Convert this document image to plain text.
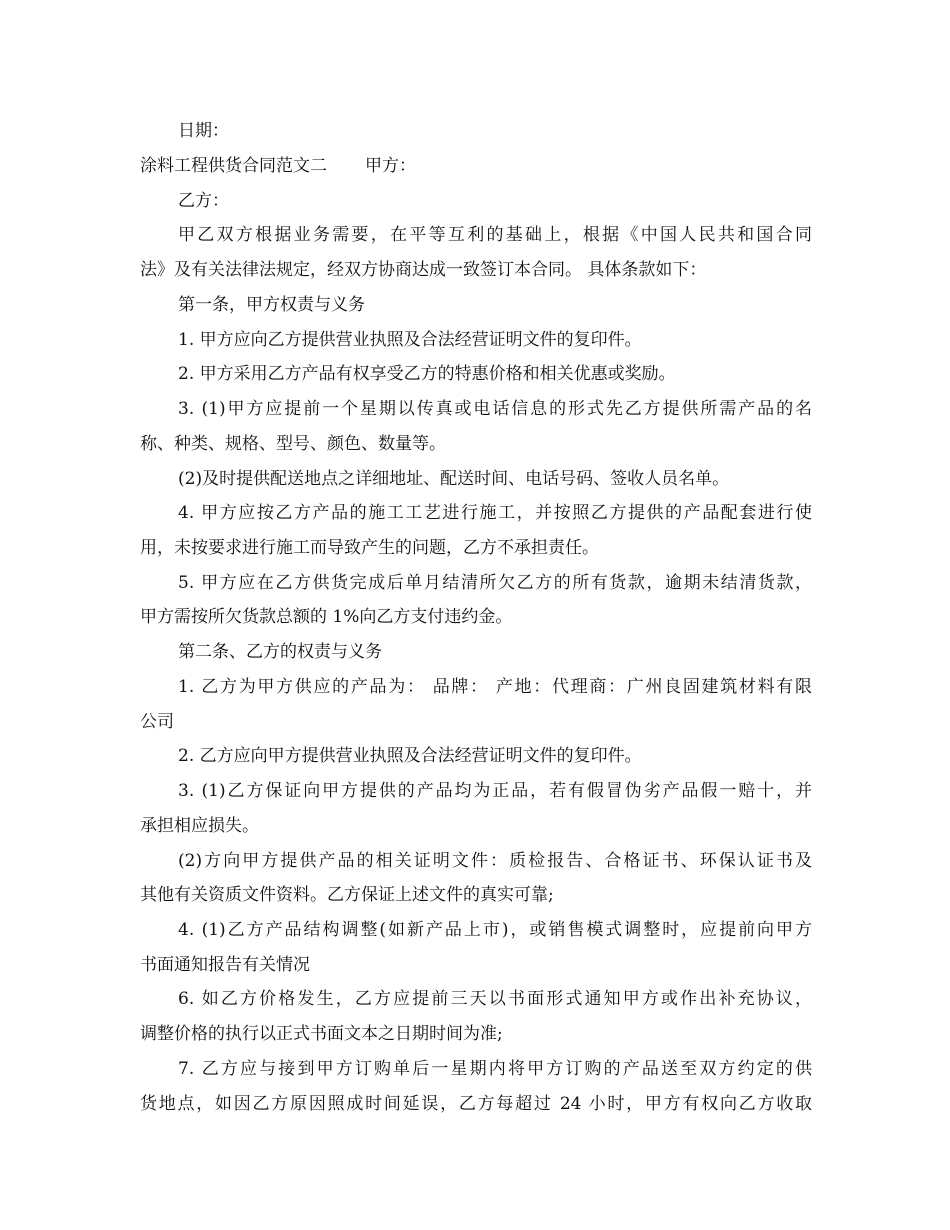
日期：
涂料工程供货合同范文二 甲方：
乙方：
甲乙双方根据业务需要，在平等互利的基础上，根据《中国人民共和国合同
法》及有关法律法规定，经双方协商达成一致签订本合同。 具体条款如下：
第一条，甲方权责与义务
1. 甲方应向乙方提供营业执照及合法经营证明文件的复印件。
2. 甲方采用乙方产品有权享受乙方的特惠价格和相关优惠或奖励。
3. (1)甲方应提前一个星期以传真或电话信息的形式先乙方提供所需产品的名
称、种类、规格、型号、颜色、数量等。
(2)及时提供配送地点之详细地址、配送时间、电话号码、签收人员名单。
4. 甲方应按乙方产品的施工工艺进行施工，并按照乙方提供的产品配套进行使
用，未按要求进行施工而导致产生的问题，乙方不承担责任。
5. 甲方应在乙方供货完成后单月结清所欠乙方的所有货款，逾期未结清货款，
甲方需按所欠货款总额的 1%向乙方支付违约金。
第二条、乙方的权责与义务
1. 乙方为甲方供应的产品为： 品牌： 产地：代理商：广州良固建筑材料有限
公司
2. 乙方应向甲方提供营业执照及合法经营证明文件的复印件。
3. (1)乙方保证向甲方提供的产品均为正品，若有假冒伪劣产品假一赔十，并
承担相应损失。
(2)方向甲方提供产品的相关证明文件：质检报告、合格证书、环保认证书及
其他有关资质文件资料。乙方保证上述文件的真实可靠;
4. (1)乙方产品结构调整(如新产品上市)，或销售模式调整时，应提前向甲方
书面通知报告有关情况
6. 如乙方价格发生，乙方应提前三天以书面形式通知甲方或作出补充协议，
调整价格的执行以正式书面文本之日期时间为准;
7. 乙方应与接到甲方订购单后一星期内将甲方订购的产品送至双方约定的供
货地点，如因乙方原因照成时间延误，乙方每超过 24 小时，甲方有权向乙方收取
